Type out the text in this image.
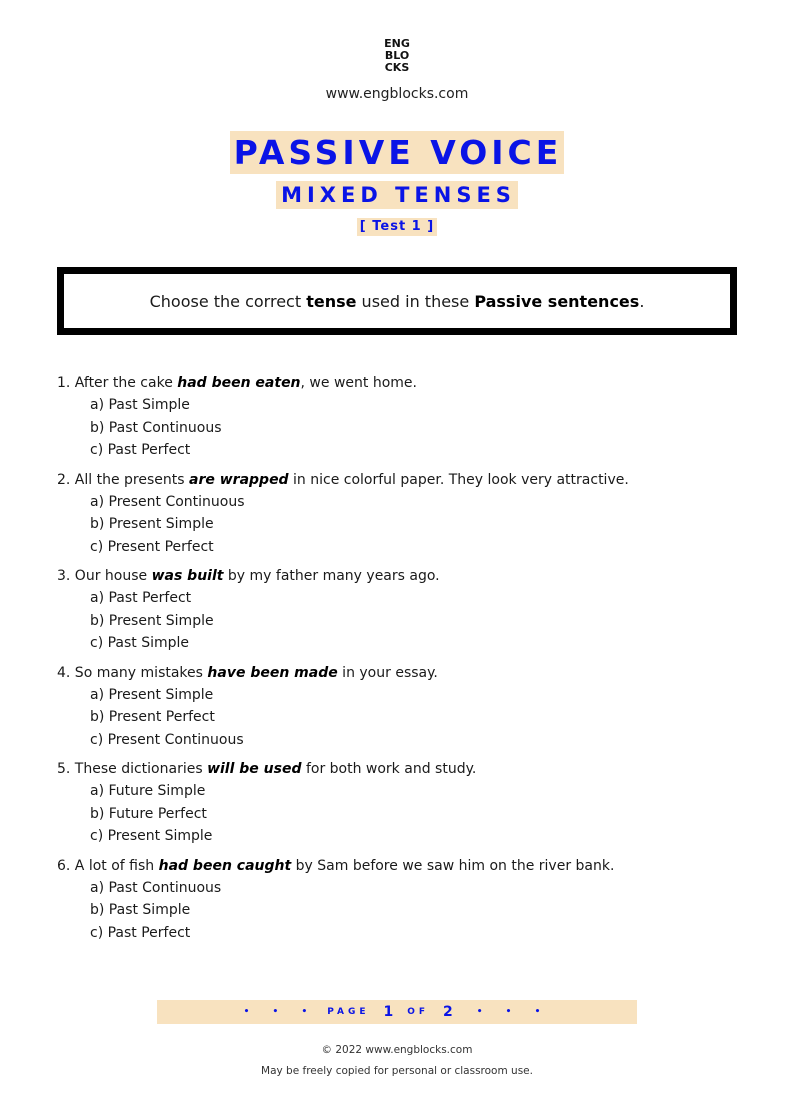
ENG
BLO
CKS
www.engblocks.com
PASSIVE VOICE
MIXED TENSES
[ Test 1 ]
Choose the correct tense used in these Passive sentences.
1. After the cake had been eaten, we went home.
a) Past Simple
b) Past Continuous
c) Past Perfect
2. All the presents are wrapped in nice colorful paper. They look very attractive.
a) Present Continuous
b) Present Simple
c) Present Perfect
3. Our house was built by my father many years ago.
a) Past Perfect
b) Present Simple
c) Past Simple
4. So many mistakes have been made in your essay.
a) Present Simple
b) Present Perfect
c) Present Continuous
5. These dictionaries will be used for both work and study.
a) Future Simple
b) Future Perfect
c) Present Simple
6. A lot of fish had been caught by Sam before we saw him on the river bank.
a) Past Continuous
b) Past Simple
c) Past Perfect
• • • PAGE 1 OF 2	• • •
© 2022 www.engblocks.com
May be freely copied for personal or classroom use.
